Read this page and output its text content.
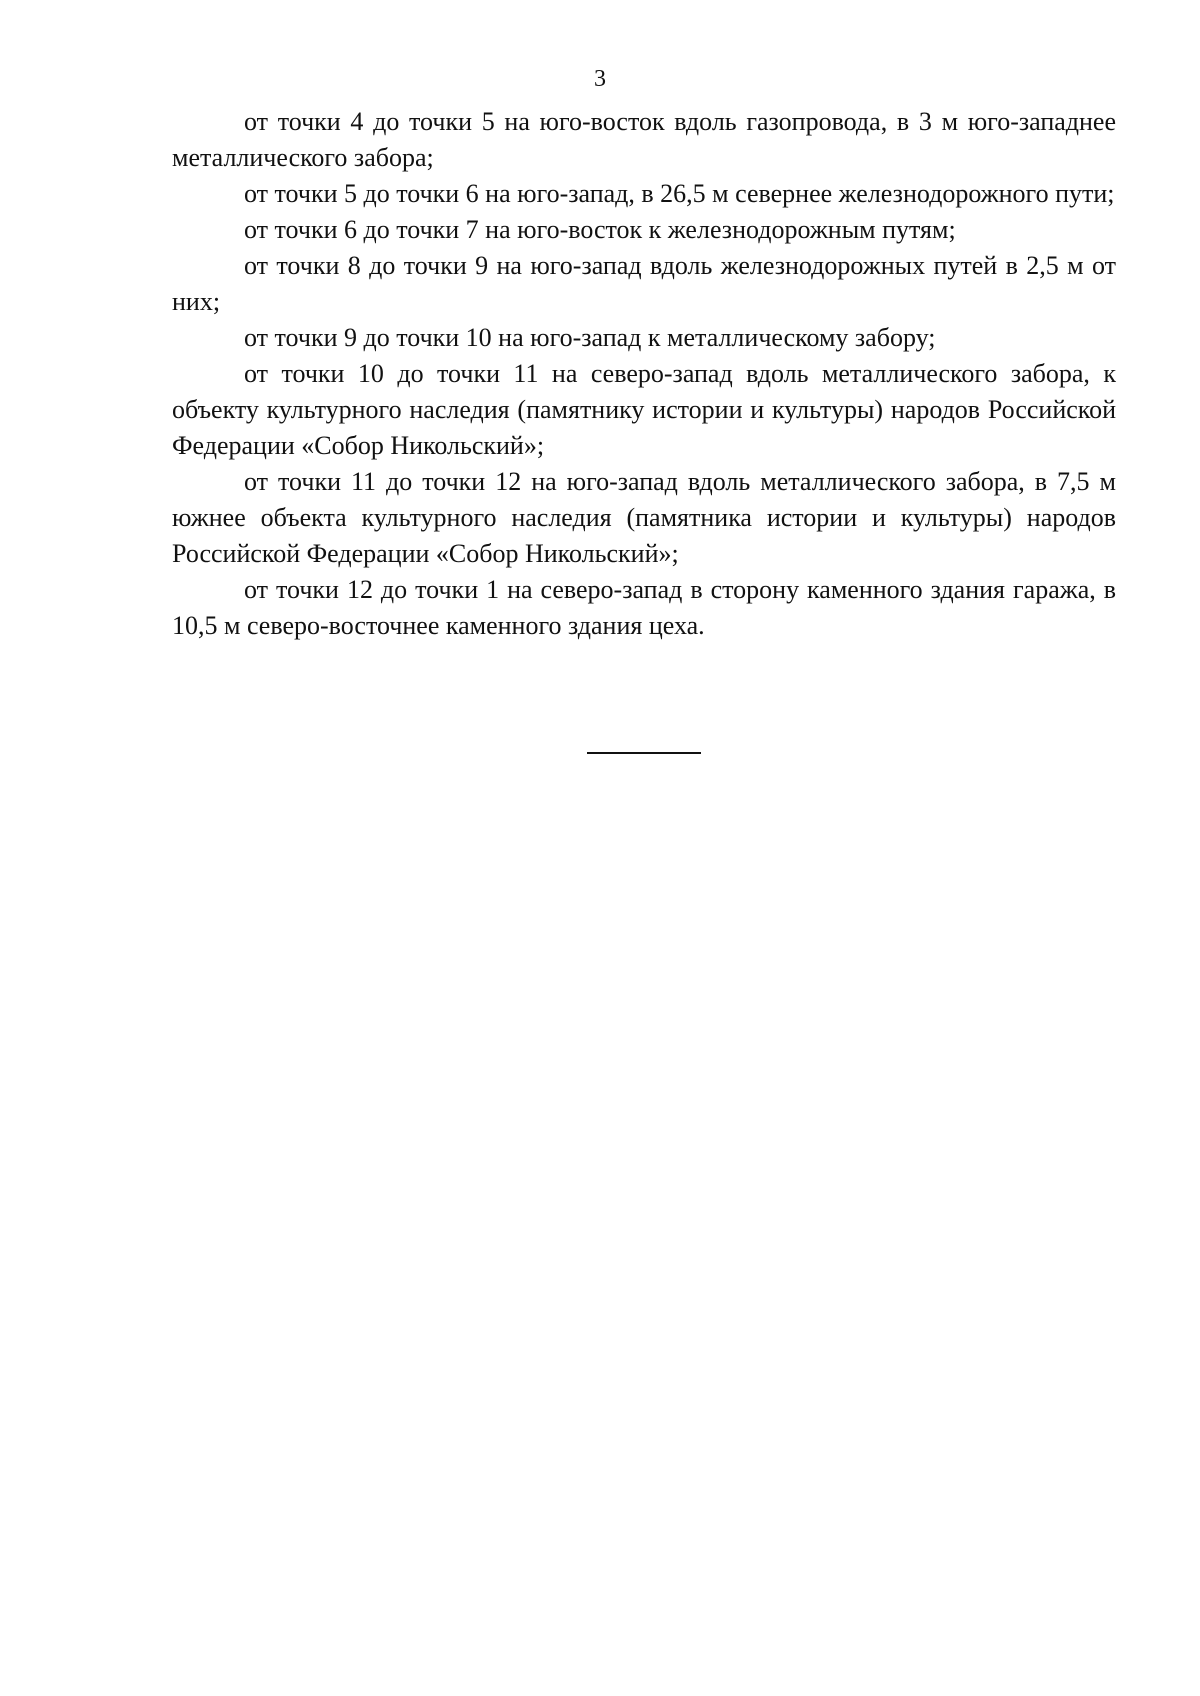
3

от точки 4 до точки 5 на юго-восток вдоль газопровода, в 3 м юго-западнее металлического забора;

от точки 5 до точки 6 на юго-запад, в 26,5 м севернее железнодорожного пути;

от точки 6 до точки 7 на юго-восток к железнодорожным путям;

от точки 8 до точки 9 на юго-запад вдоль железнодорожных путей в 2,5 м от них;

от точки 9 до точки 10 на юго-запад к металлическому забору;

от точки 10 до точки 11 на северо-запад вдоль металлического забора, к объекту культурного наследия (памятнику истории и культуры) народов Российской Федерации «Собор Никольский»;

от точки 11 до точки 12 на юго-запад вдоль металлического забора, в 7,5 м южнее объекта культурного наследия (памятника истории и культуры) народов Российской Федерации «Собор Никольский»;

от точки 12 до точки 1 на северо-запад в сторону каменного здания гаража, в 10,5 м северо-восточнее каменного здания цеха.
